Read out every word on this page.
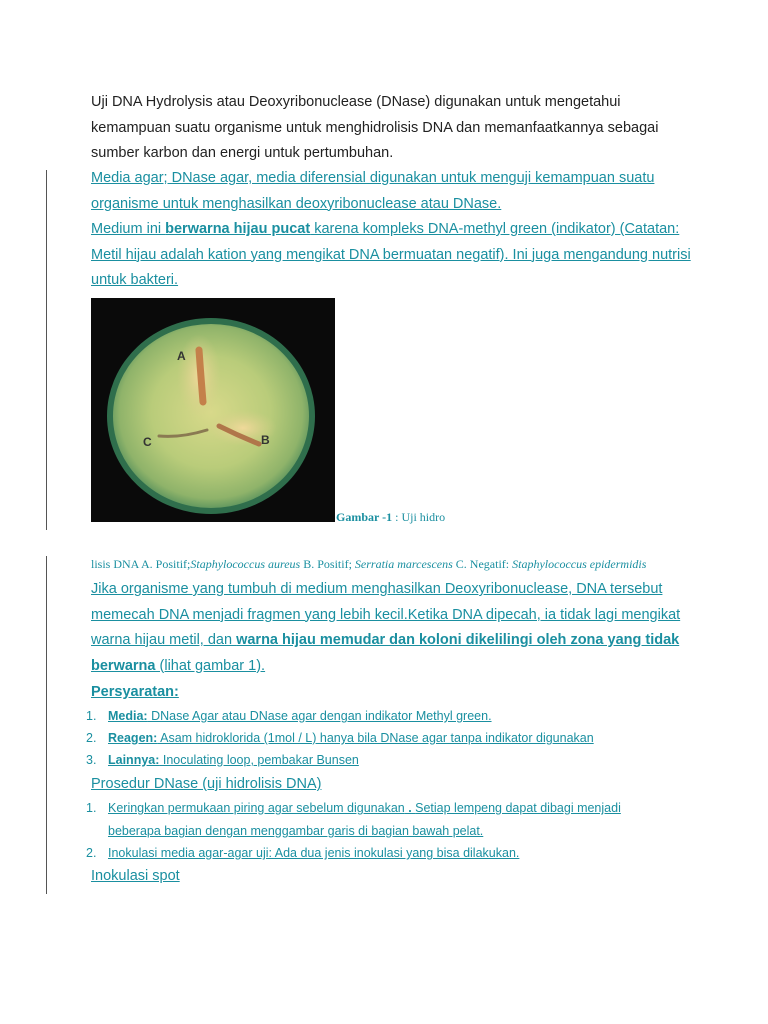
Uji DNA Hydrolysis atau Deoxyribonuclease (DNase) digunakan untuk mengetahui kemampuan suatu organisme untuk menghidrolisis DNA dan memanfaatkannya sebagai sumber karbon dan energi untuk pertumbuhan.

Media agar; DNase agar, media diferensial digunakan untuk menguji kemampuan suatu organisme untuk menghasilkan deoxyribonuclease atau DNase.

Medium ini berwarna hijau pucat karena kompleks DNA-methyl green (indikator) (Catatan: Metil hijau adalah kation yang mengikat DNA bermuatan negatif). Ini juga mengandung nutrisi untuk bakteri.

A
B
C
Gambar -1 : Uji hidro
lisis DNA A. Positif;Staphylococcus aureus B. Positif; Serratia marcescens C. Negatif: Staphylococcus epidermidis

Jika organisme yang tumbuh di medium menghasilkan Deoxyribonuclease, DNA tersebut memecah DNA menjadi fragmen yang lebih kecil.Ketika DNA dipecah, ia tidak lagi mengikat warna hijau metil, dan warna hijau memudar dan koloni dikelilingi oleh zona yang tidak berwarna (lihat gambar 1).

Persyaratan:

1. Media: DNase Agar atau DNase agar dengan indikator Methyl green.
2. Reagen: Asam hidroklorida (1mol / L) hanya bila DNase agar tanpa indikator digunakan
3. Lainnya: Inoculating loop, pembakar Bunsen

Prosedur DNase (uji hidrolisis DNA)

1. Keringkan permukaan piring agar sebelum digunakan . Setiap lempeng dapat dibagi menjadi
beberapa bagian dengan menggambar garis di bagian bawah pelat.
2. Inokulasi media agar-agar uji: Ada dua jenis inokulasi yang bisa dilakukan.

Inokulasi spot
